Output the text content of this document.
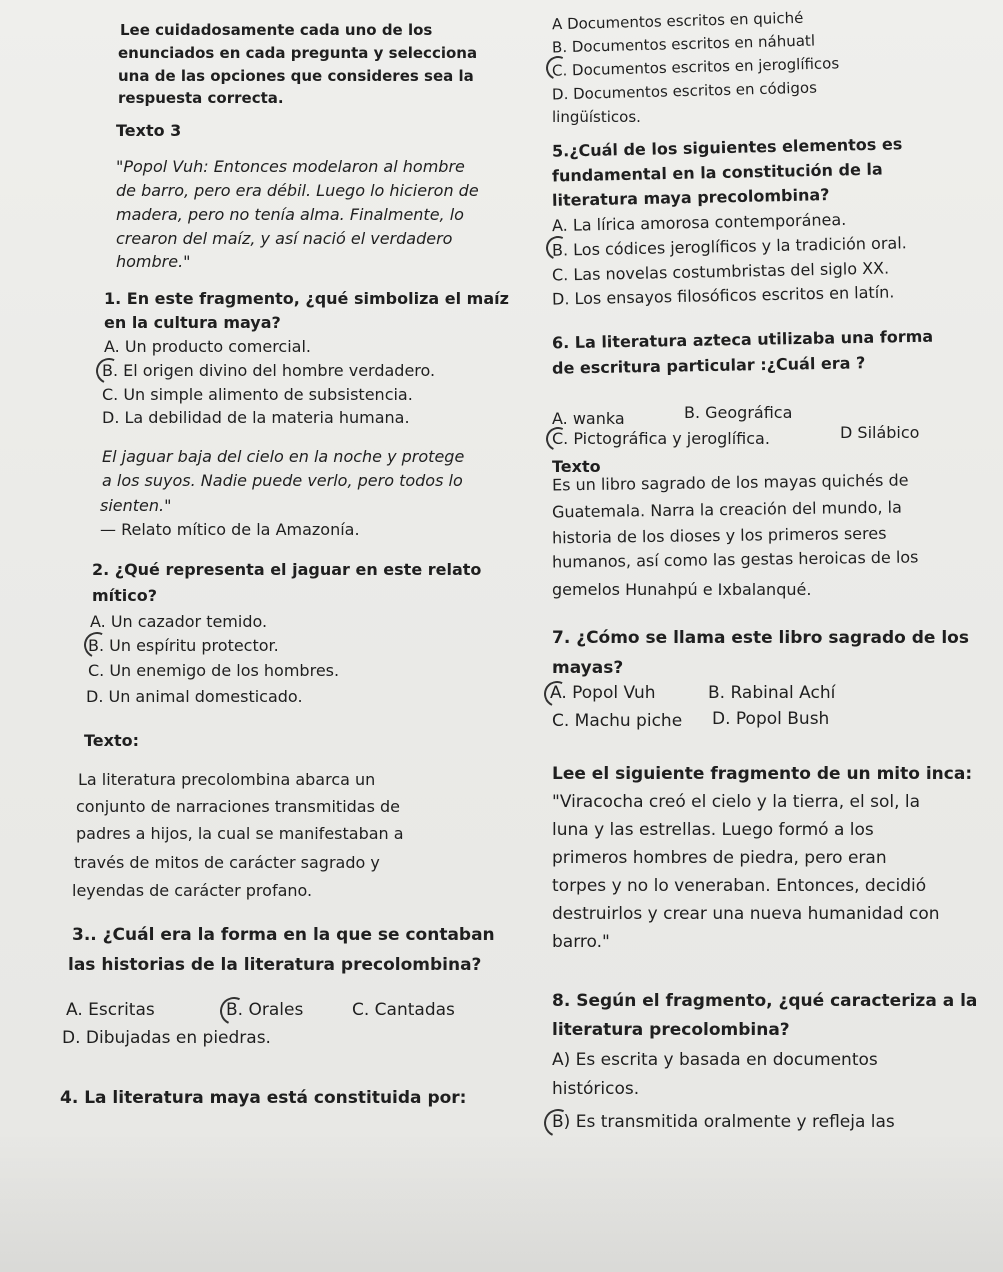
Lee cuidadosamente cada uno de los
enunciados en cada pregunta y selecciona
una de las opciones que consideres sea la
respuesta correcta.
Texto 3
"Popol Vuh: Entonces modelaron al hombre
de barro, pero era débil. Luego lo hicieron de
madera, pero no tenía alma. Finalmente, lo
crearon del maíz, y así nació el verdadero
hombre."
1. En este fragmento, ¿qué simboliza el maíz
en la cultura maya?
A. Un producto comercial.
B. El origen divino del hombre verdadero.
C. Un simple alimento de subsistencia.
D. La debilidad de la materia humana.
El jaguar baja del cielo en la noche y protege
a los suyos. Nadie puede verlo, pero todos lo
sienten."
— Relato mítico de la Amazonía.
2. ¿Qué representa el jaguar en este relato
mítico?
A. Un cazador temido.
B. Un espíritu protector.
C. Un enemigo de los hombres.
D. Un animal domesticado.
Texto:
La literatura precolombina abarca un
conjunto de narraciones transmitidas de
padres a hijos, la cual se manifestaban a
través de mitos de carácter sagrado y
leyendas de carácter profano.
3.. ¿Cuál era la forma en la que se contaban
las historias de la literatura precolombina?
A. Escritas	B. Orales	C. Cantadas
D. Dibujadas en piedras.
4. La literatura maya está constituida por:
A Documentos escritos en quiché
B. Documentos escritos en náhuatl
C. Documentos escritos en jeroglíficos
D. Documentos escritos en códigos
lingüísticos.
5.¿Cuál de los siguientes elementos es
fundamental en la constitución de la
literatura maya precolombina?
A. La lírica amorosa contemporánea.
B. Los códices jeroglíficos y la tradición oral.
C. Las novelas costumbristas del siglo XX.
D. Los ensayos filosóficos escritos en latín.
6. La literatura azteca utilizaba una forma
de escritura particular :¿Cuál era ?
A. wanka	B. Geográfica
C. Pictográfica y jeroglífica.	D Silábico
Texto
Es un libro sagrado de los mayas quichés de
Guatemala. Narra la creación del mundo, la
historia de los dioses y los primeros seres
humanos, así como las gestas heroicas de los
gemelos Hunahpú e Ixbalanqué.
7. ¿Cómo se llama este libro sagrado de los
mayas?
A. Popol Vuh	B. Rabinal Achí
C. Machu piche D. Popol Bush
Lee el siguiente fragmento de un mito inca:
"Viracocha creó el cielo y la tierra, el sol, la
luna y las estrellas. Luego formó a los
primeros hombres de piedra, pero eran
torpes y no lo veneraban. Entonces, decidió
destruirlos y crear una nueva humanidad con
barro."
8. Según el fragmento, ¿qué caracteriza a la
literatura precolombina?
A) Es escrita y basada en documentos
históricos.
B) Es transmitida oralmente y refleja las
